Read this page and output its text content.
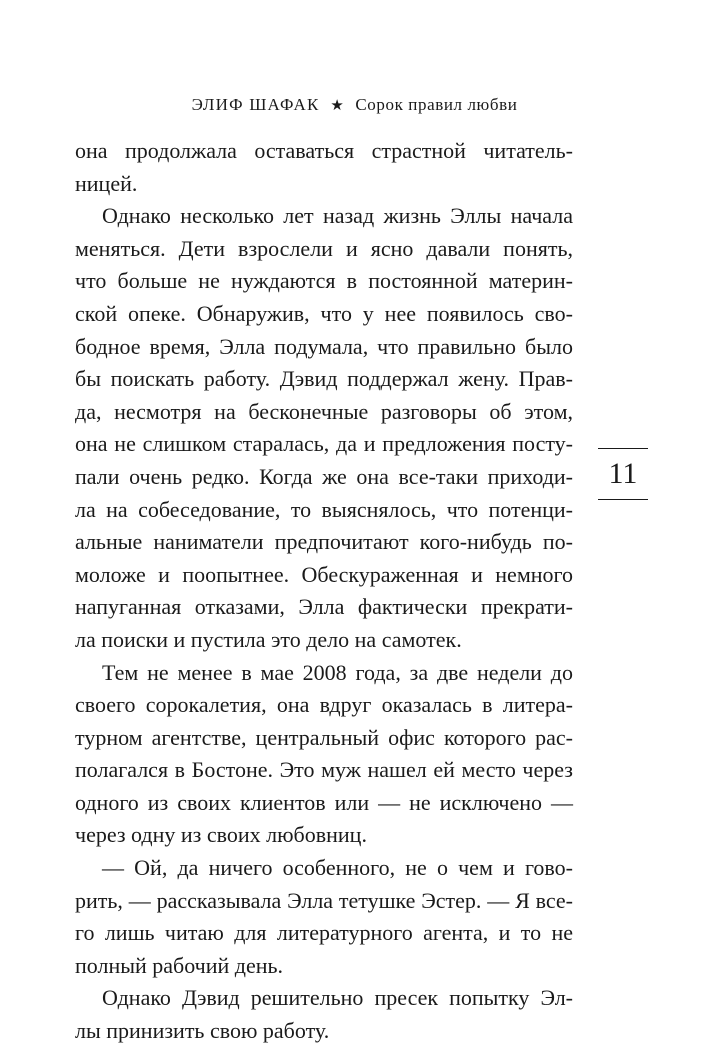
ЭЛИФ ШАФАК ★ Сорок правил любви
она продолжала оставаться страстной читатель-
ницей.
Однако несколько лет назад жизнь Эллы начала
меняться. Дети взрослели и ясно давали понять,
что больше не нуждаются в постоянной материн-
ской опеке. Обнаружив, что у нее появилось сво-
бодное время, Элла подумала, что правильно было
бы поискать работу. Дэвид поддержал жену. Прав-
да, несмотря на бесконечные разговоры об этом,
она не слишком старалась, да и предложения посту-
пали очень редко. Когда же она все-таки приходи-
ла на собеседование, то выяснялось, что потенци-
альные наниматели предпочитают кого-нибудь по-
моложе и поопытнее. Обескураженная и немного
напуганная отказами, Элла фактически прекрати-
ла поиски и пустила это дело на самотек.
Тем не менее в мае 2008 года, за две недели до
своего сорокалетия, она вдруг оказалась в литера-
турном агентстве, центральный офис которого рас-
полагался в Бостоне. Это муж нашел ей место через
одного из своих клиентов или — не исключено —
через одну из своих любовниц.
— Ой, да ничего особенного, не о чем и гово-
рить, — рассказывала Элла тетушке Эстер. — Я все-
го лишь читаю для литературного агента, и то не
полный рабочий день.
Однако Дэвид решительно пресек попытку Эл-
лы принизить свою работу.
11
